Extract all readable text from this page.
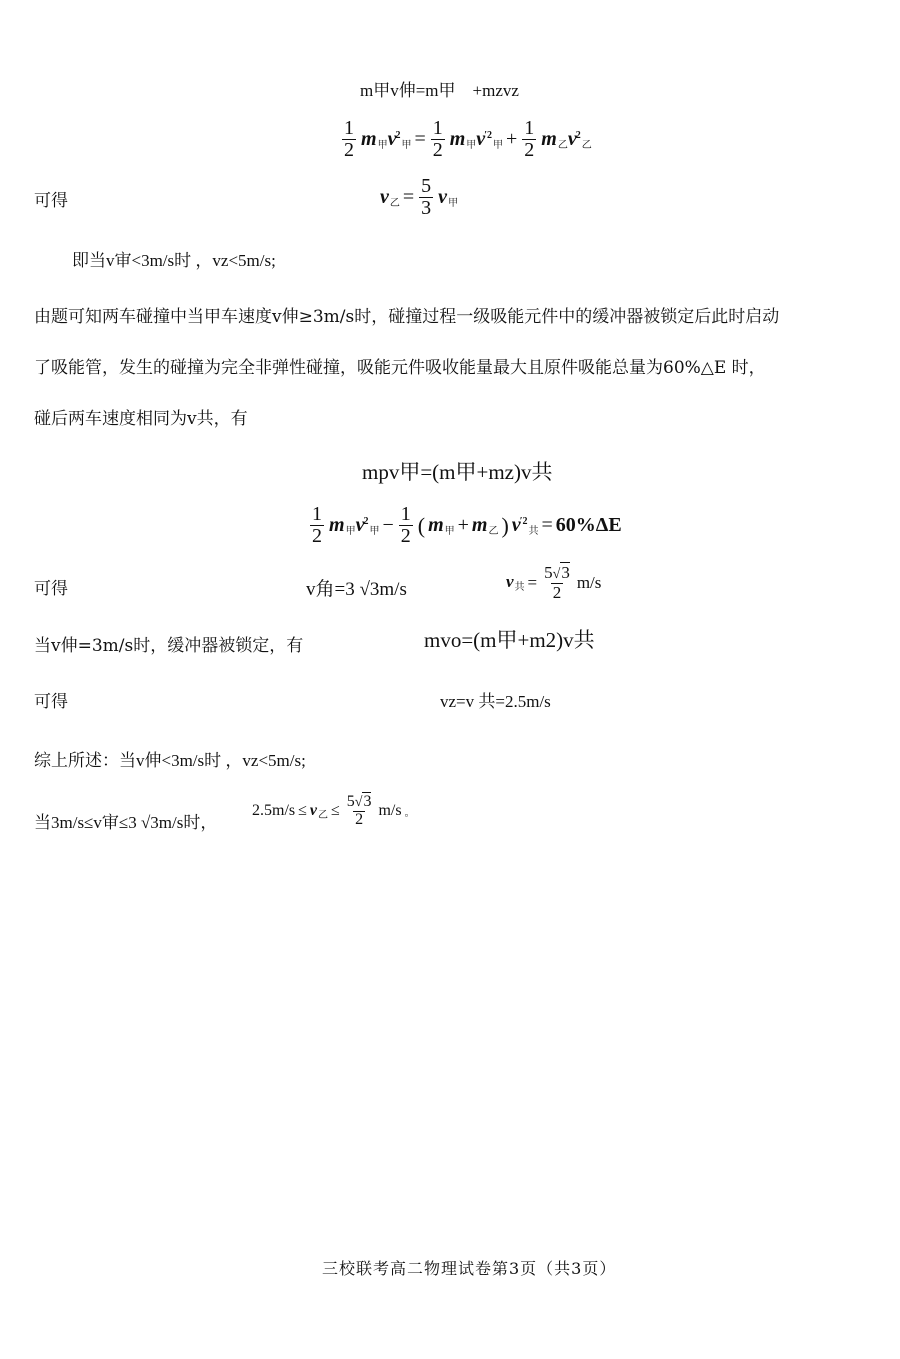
m甲v伸=m甲　+mzvz
$\frac{1}{2} m_甲v^2_甲 = \frac{1}{2} m_甲v^{'2}_甲 + \frac{1}{2} m_乙v^2_乙$
可得	$v_乙 = \frac{5}{3} v_甲$
即当v审<3m/s时 ，vz<5m/s;
由题可知两车碰撞中当甲车速度v伸≥3m/s时，碰撞过程一级吸能元件中的缓冲器被锁定后此时启动
了吸能管，发生的碰撞为完全非弹性碰撞，吸能元件吸收能量最大且原件吸能总量为60%△E 时，
碰后两车速度相同为v共，有
mpv甲=(m甲+mz)v共
$\frac{1}{2} m_甲v^2_甲 - \frac{1}{2}$ ( $m_甲 + m_乙$ ) $v^{'2}_共 = 60\%\Delta E$
可得	v角=3 √3m/s	$v_共 = \frac{5√3}{2} m/s$
当v伸=3m/s时，缓冲器被锁定，有	mvo=(m甲+m2)v共
可得	vz=v 共=2.5m/s
综上所述：当v伸<3m/s时 ，vz<5m/s;
当3m/s≤v审≤3 √3m/s时，
$2.5m/s \le v_乙 \le \frac{5√3}{2} m/s$ 。
三校联考高二物理试卷第3页（共3页）
